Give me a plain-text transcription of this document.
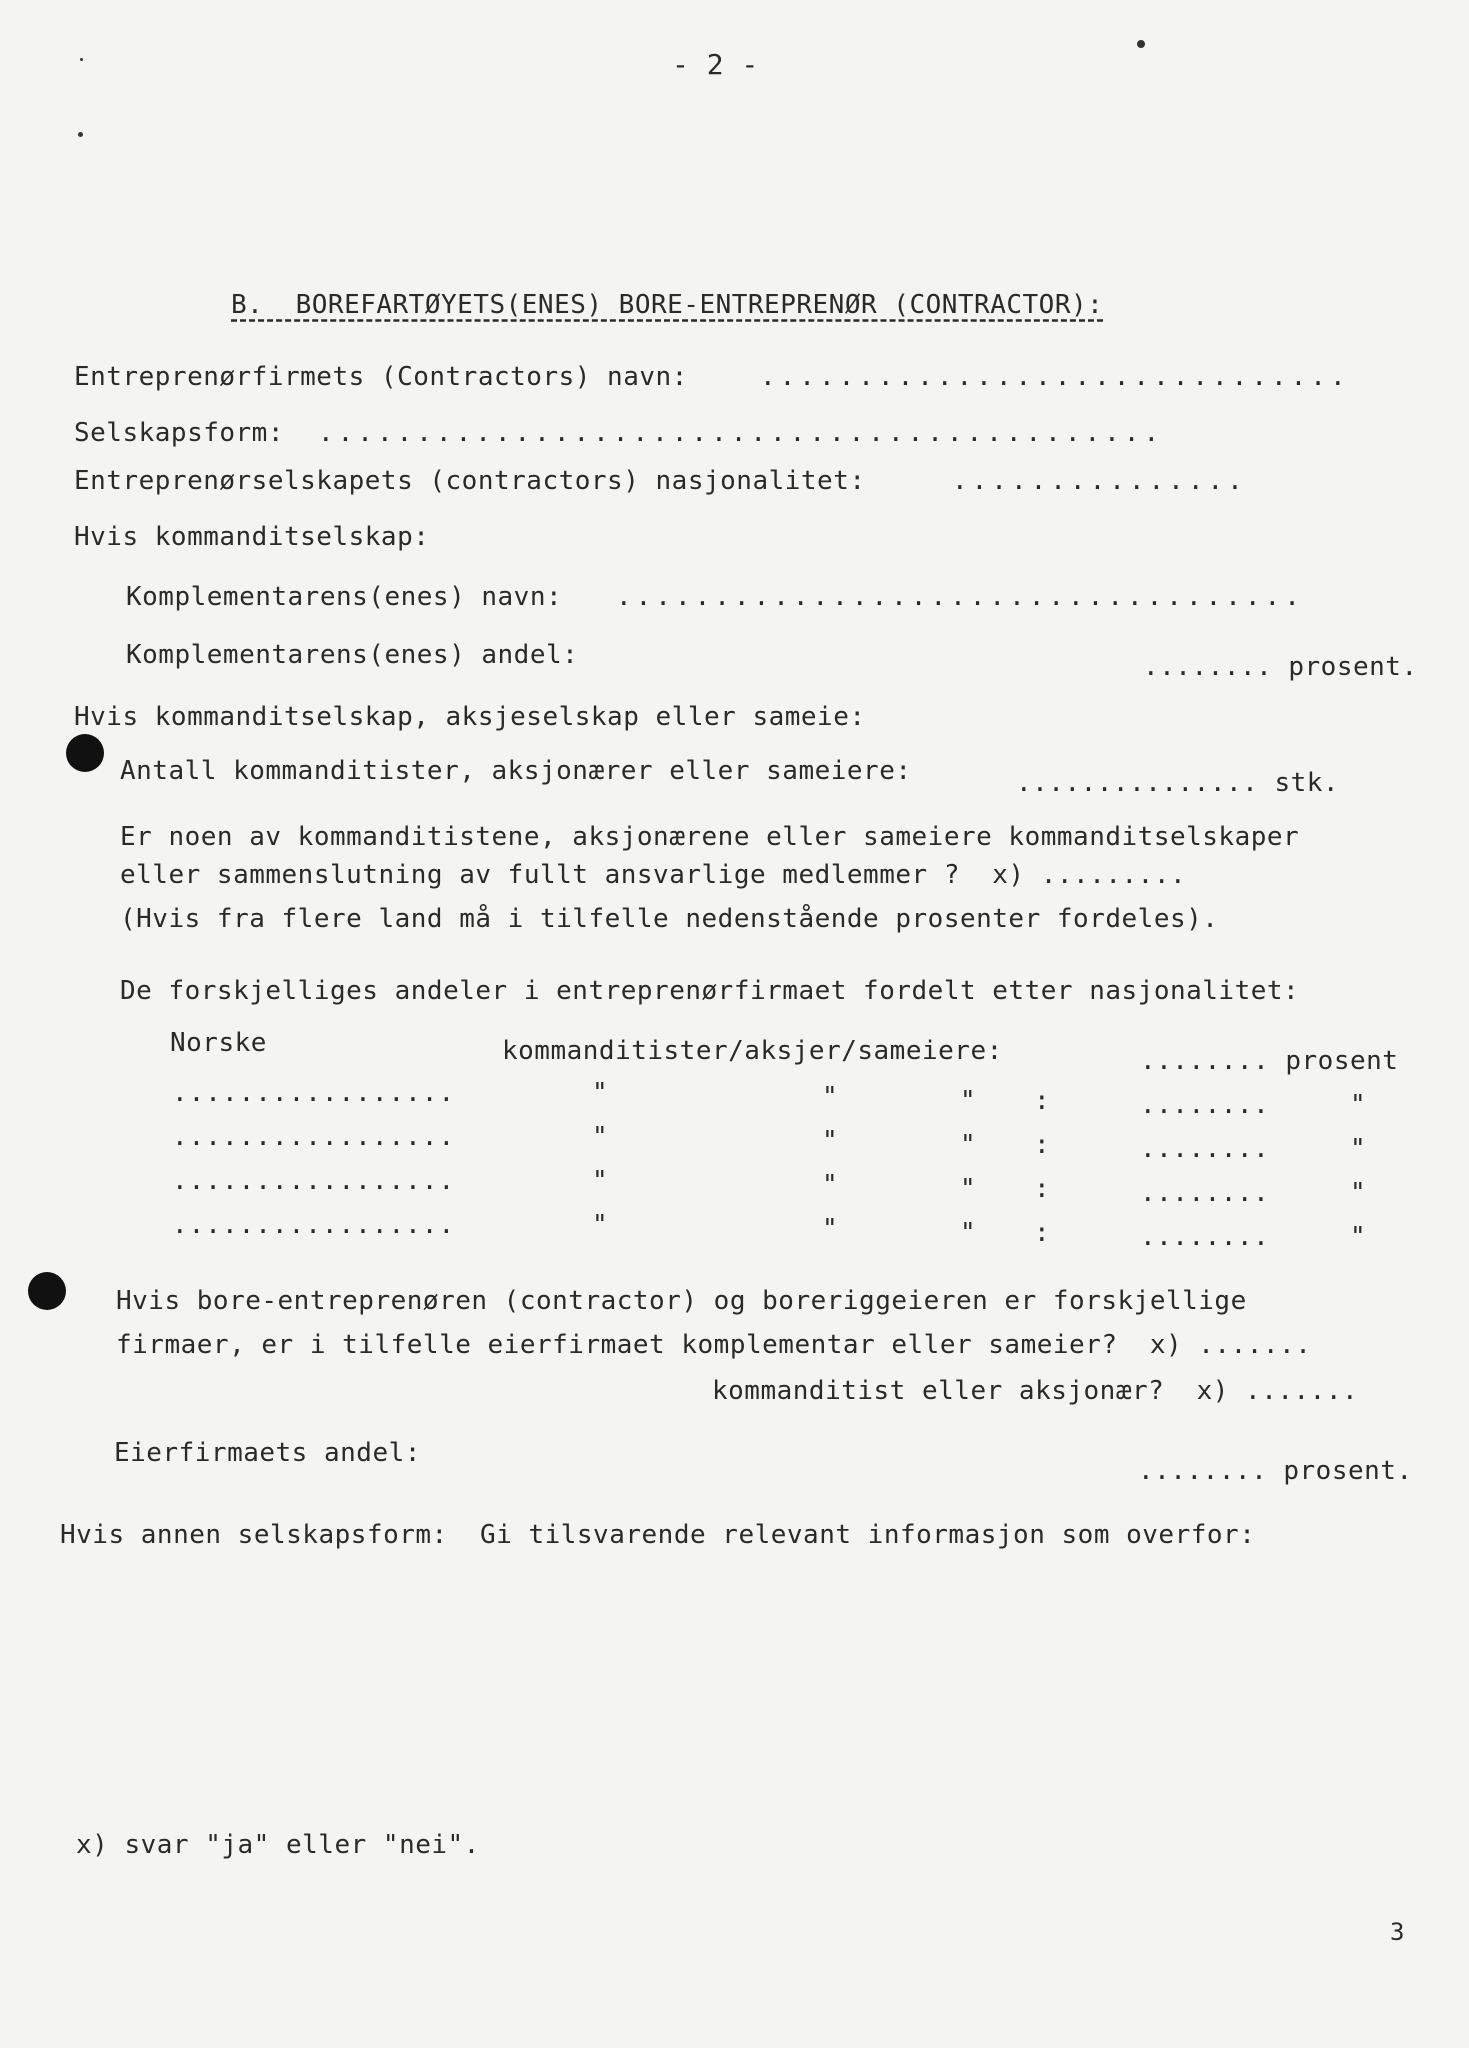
- 2 -
B.  BOREFARTØYETS(ENES) BORE-ENTREPRENØR (CONTRACTOR):
Entreprenørfirmets (Contractors) navn:	..............................
Selskapsform: ...........................................
Entreprenørselskapets (contractors) nasjonalitet:	...............
Hvis kommanditselskap:
Komplementarens(enes) navn: ...................................
Komplementarens(enes) andel:	........ prosent.
Hvis kommanditselskap, aksjeselskap eller sameie:
Antall kommanditister, aksjonærer eller sameiere:	............... stk.
Er noen av kommanditistene, aksjonærene eller sameiere kommanditselskaper
eller sammenslutning av fullt ansvarlige medlemmer ?  x) .........
(Hvis fra flere land må i tilfelle nedenstående prosenter fordeles).
De forskjelliges andeler i entreprenørfirmaet fordelt etter nasjonalitet:
Norske	kommanditister/aksjer/sameiere:	........ prosent
.................	"	"	" :	........	"
.................	"	"	" :	........	"
.................	"	"	" :	........	"
.................	"	"	" :	........	"
Hvis bore-entreprenøren (contractor) og boreriggeieren er forskjellige
firmaer, er i tilfelle eierfirmaet komplementar eller sameier?  x) .......
kommanditist eller aksjonær?  x) .......
Eierfirmaets andel:
........ prosent.
Hvis annen selskapsform:  Gi tilsvarende relevant informasjon som overfor:
x) svar "ja" eller "nei".
3
